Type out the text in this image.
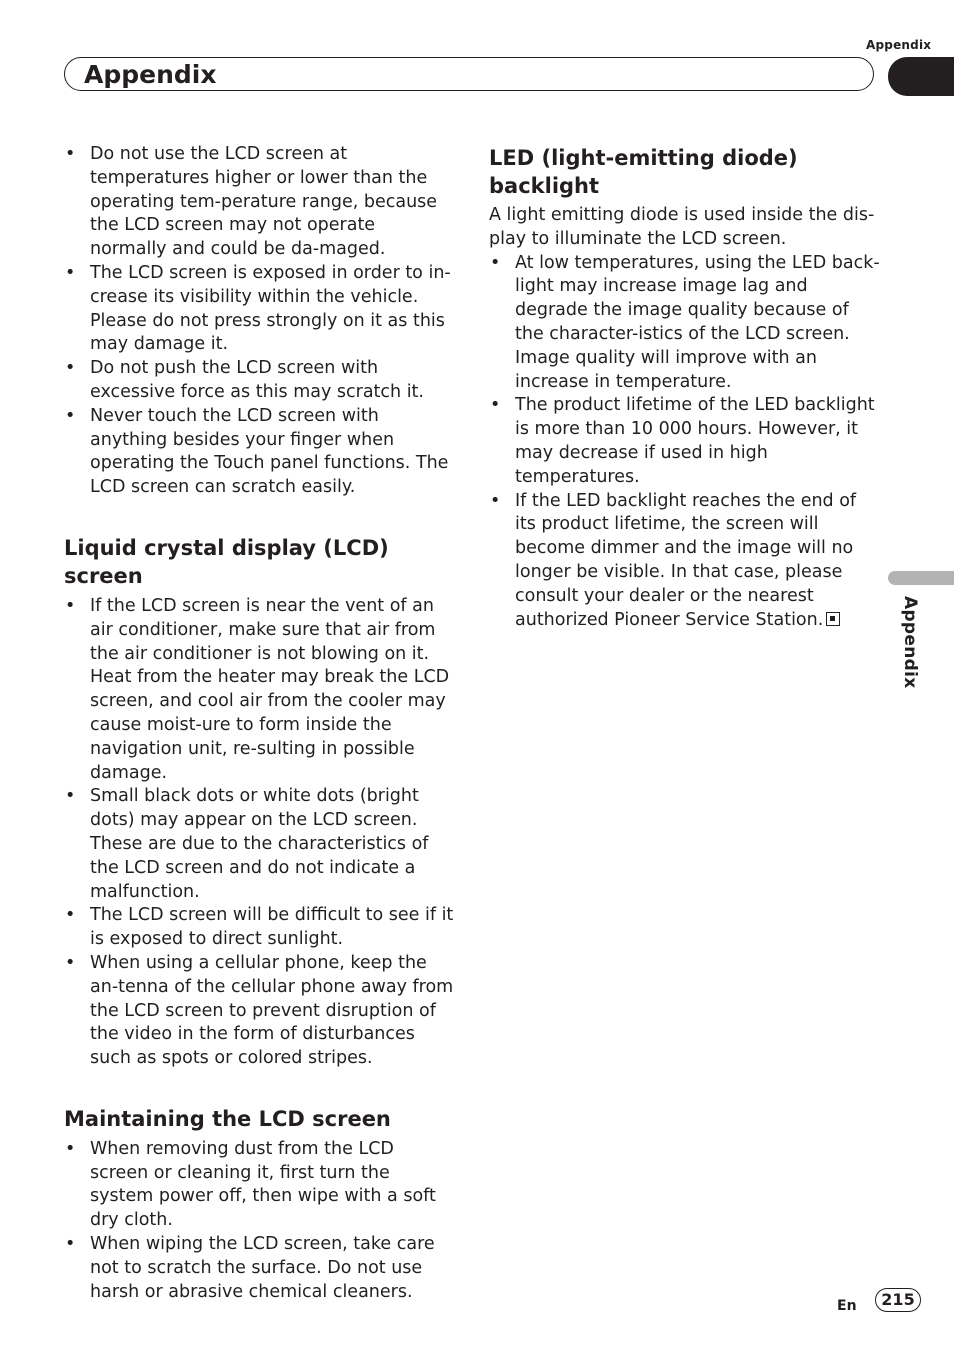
Appendix
Appendix
Appendix
• Do not use the LCD screen at temperatures higher or lower than the operating tem-perature range, because the LCD screen may not operate normally and could be da-maged.
• The LCD screen is exposed in order to in-crease its visibility within the vehicle. Please do not press strongly on it as this may damage it.
• Do not push the LCD screen with excessive force as this may scratch it.
• Never touch the LCD screen with anything besides your finger when operating the Touch panel functions. The LCD screen can scratch easily.
Liquid crystal display (LCD) screen
• If the LCD screen is near the vent of an air conditioner, make sure that air from the air conditioner is not blowing on it. Heat from the heater may break the LCD screen, and cool air from the cooler may cause moist-ure to form inside the navigation unit, re-sulting in possible damage.
• Small black dots or white dots (bright dots) may appear on the LCD screen. These are due to the characteristics of the LCD screen and do not indicate a malfunction.
• The LCD screen will be difficult to see if it is exposed to direct sunlight.
• When using a cellular phone, keep the an-tenna of the cellular phone away from the LCD screen to prevent disruption of the video in the form of disturbances such as spots or colored stripes.
Maintaining the LCD screen
• When removing dust from the LCD screen or cleaning it, first turn the system power off, then wipe with a soft dry cloth.
• When wiping the LCD screen, take care not to scratch the surface. Do not use harsh or abrasive chemical cleaners.
LED (light-emitting diode) backlight

A light emitting diode is used inside the dis-play to illuminate the LCD screen.

• At low temperatures, using the LED back-light may increase image lag and degrade the image quality because of the character-istics of the LCD screen. Image quality will improve with an increase in temperature.
• The product lifetime of the LED backlight is more than 10 000 hours. However, it may decrease if used in high temperatures.
• If the LED backlight reaches the end of its product lifetime, the screen will become dimmer and the image will no longer be visible. In that case, please consult your dealer or the nearest authorized Pioneer Service Station.
En	215
